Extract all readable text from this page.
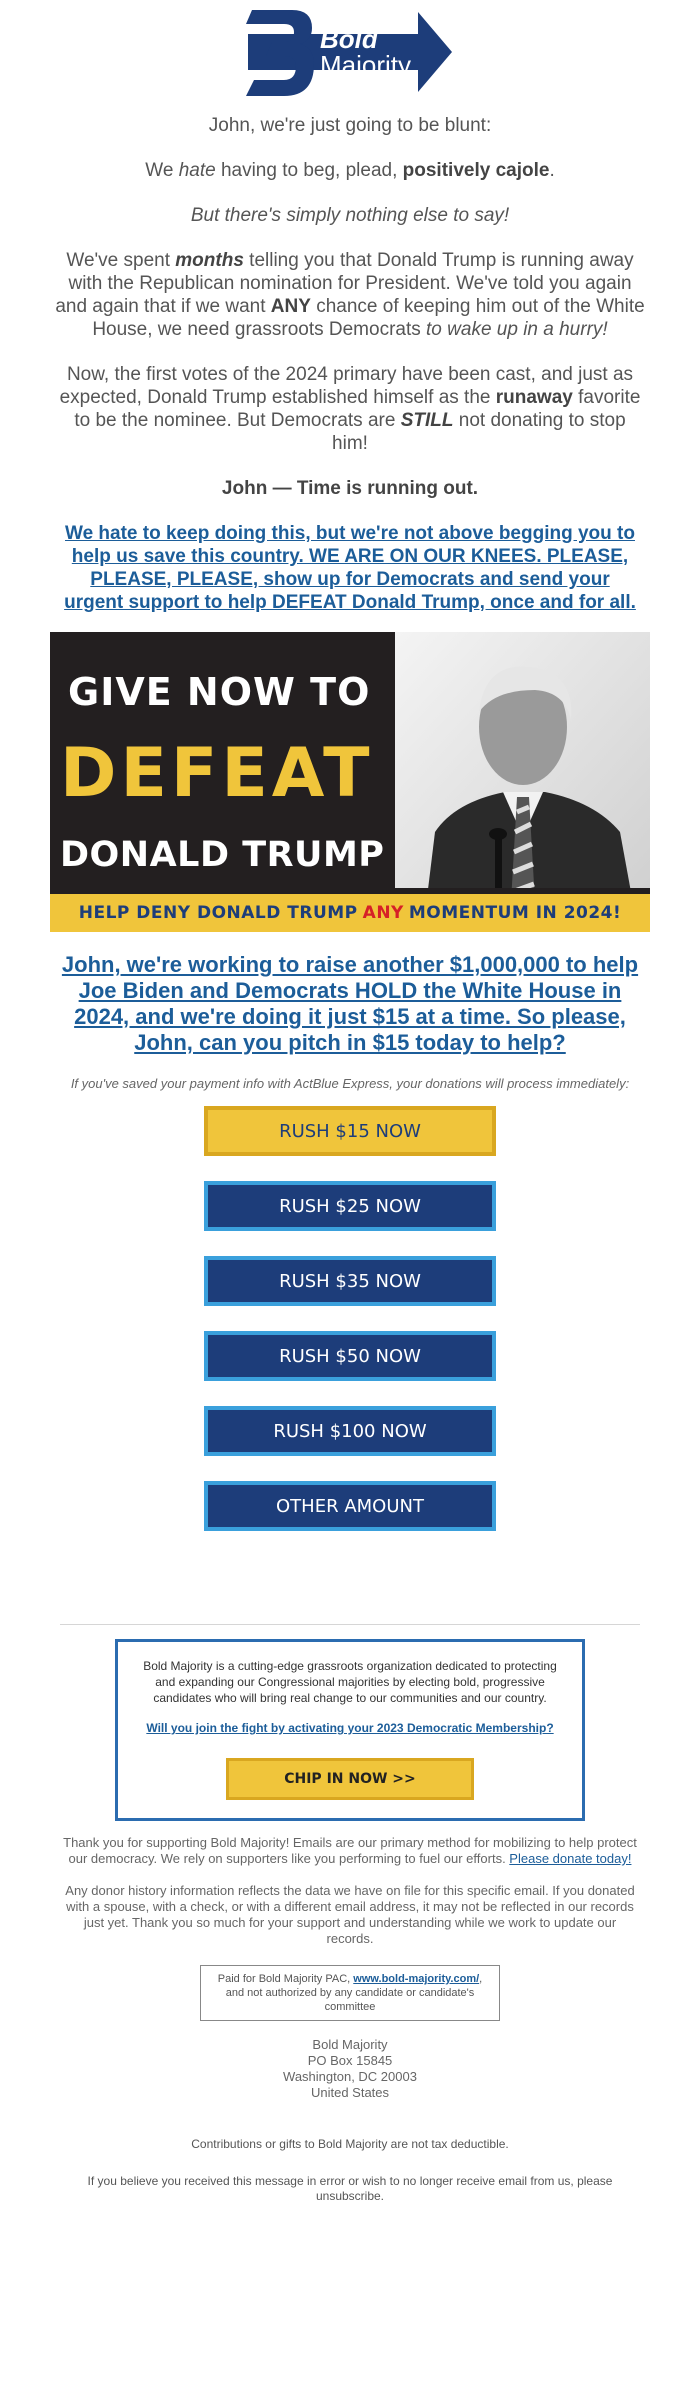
Bold
Majority

John, we're just going to be blunt:

We hate having to beg, plead, positively cajole.

But there's simply nothing else to say!

We've spent months telling you that Donald Trump is running away with the Republican nomination for President. We've told you again and again that if we want ANY chance of keeping him out of the White House, we need grassroots Democrats to wake up in a hurry!

Now, the first votes of the 2024 primary have been cast, and just as expected, Donald Trump established himself as the runaway favorite to be the nominee. But Democrats are STILL not donating to stop him!

John — Time is running out.

We hate to keep doing this, but we're not above begging you to help us save this country. WE ARE ON OUR KNEES. PLEASE, PLEASE, PLEASE, show up for Democrats and send your urgent support to help DEFEAT Donald Trump, once and for all.

GIVE NOW TO
DEFEAT
DONALD TRUMP
HELP DENY DONALD TRUMP ANY MOMENTUM IN 2024!

John, we're working to raise another $1,000,000 to help Joe Biden and Democrats HOLD the White House in 2024, and we're doing it just $15 at a time. So please, John, can you pitch in $15 today to help?

If you've saved your payment info with ActBlue Express, your donations will process immediately:

RUSH $15 NOW
RUSH $25 NOW
RUSH $35 NOW
RUSH $50 NOW
RUSH $100 NOW
OTHER AMOUNT
Bold Majority is a cutting-edge grassroots organization dedicated to protecting and expanding our Congressional majorities by electing bold, progressive candidates who will bring real change to our communities and our country.
Will you join the fight by activating your 2023 Democratic Membership?
CHIP IN NOW >>

Thank you for supporting Bold Majority! Emails are our primary method for mobilizing to help protect our democracy. We rely on supporters like you performing to fuel our efforts. Please donate today!

Any donor history information reflects the data we have on file for this specific email. If you donated with a spouse, with a check, or with a different email address, it may not be reflected in our records just yet. Thank you so much for your support and understanding while we work to update our records.

Paid for Bold Majority PAC, www.bold-majority.com/, and not authorized by any candidate or candidate's committee
Bold Majority
PO Box 15845
Washington, DC 20003
United States

Contributions or gifts to Bold Majority are not tax deductible.

If you believe you received this message in error or wish to no longer receive email from us, please unsubscribe.
